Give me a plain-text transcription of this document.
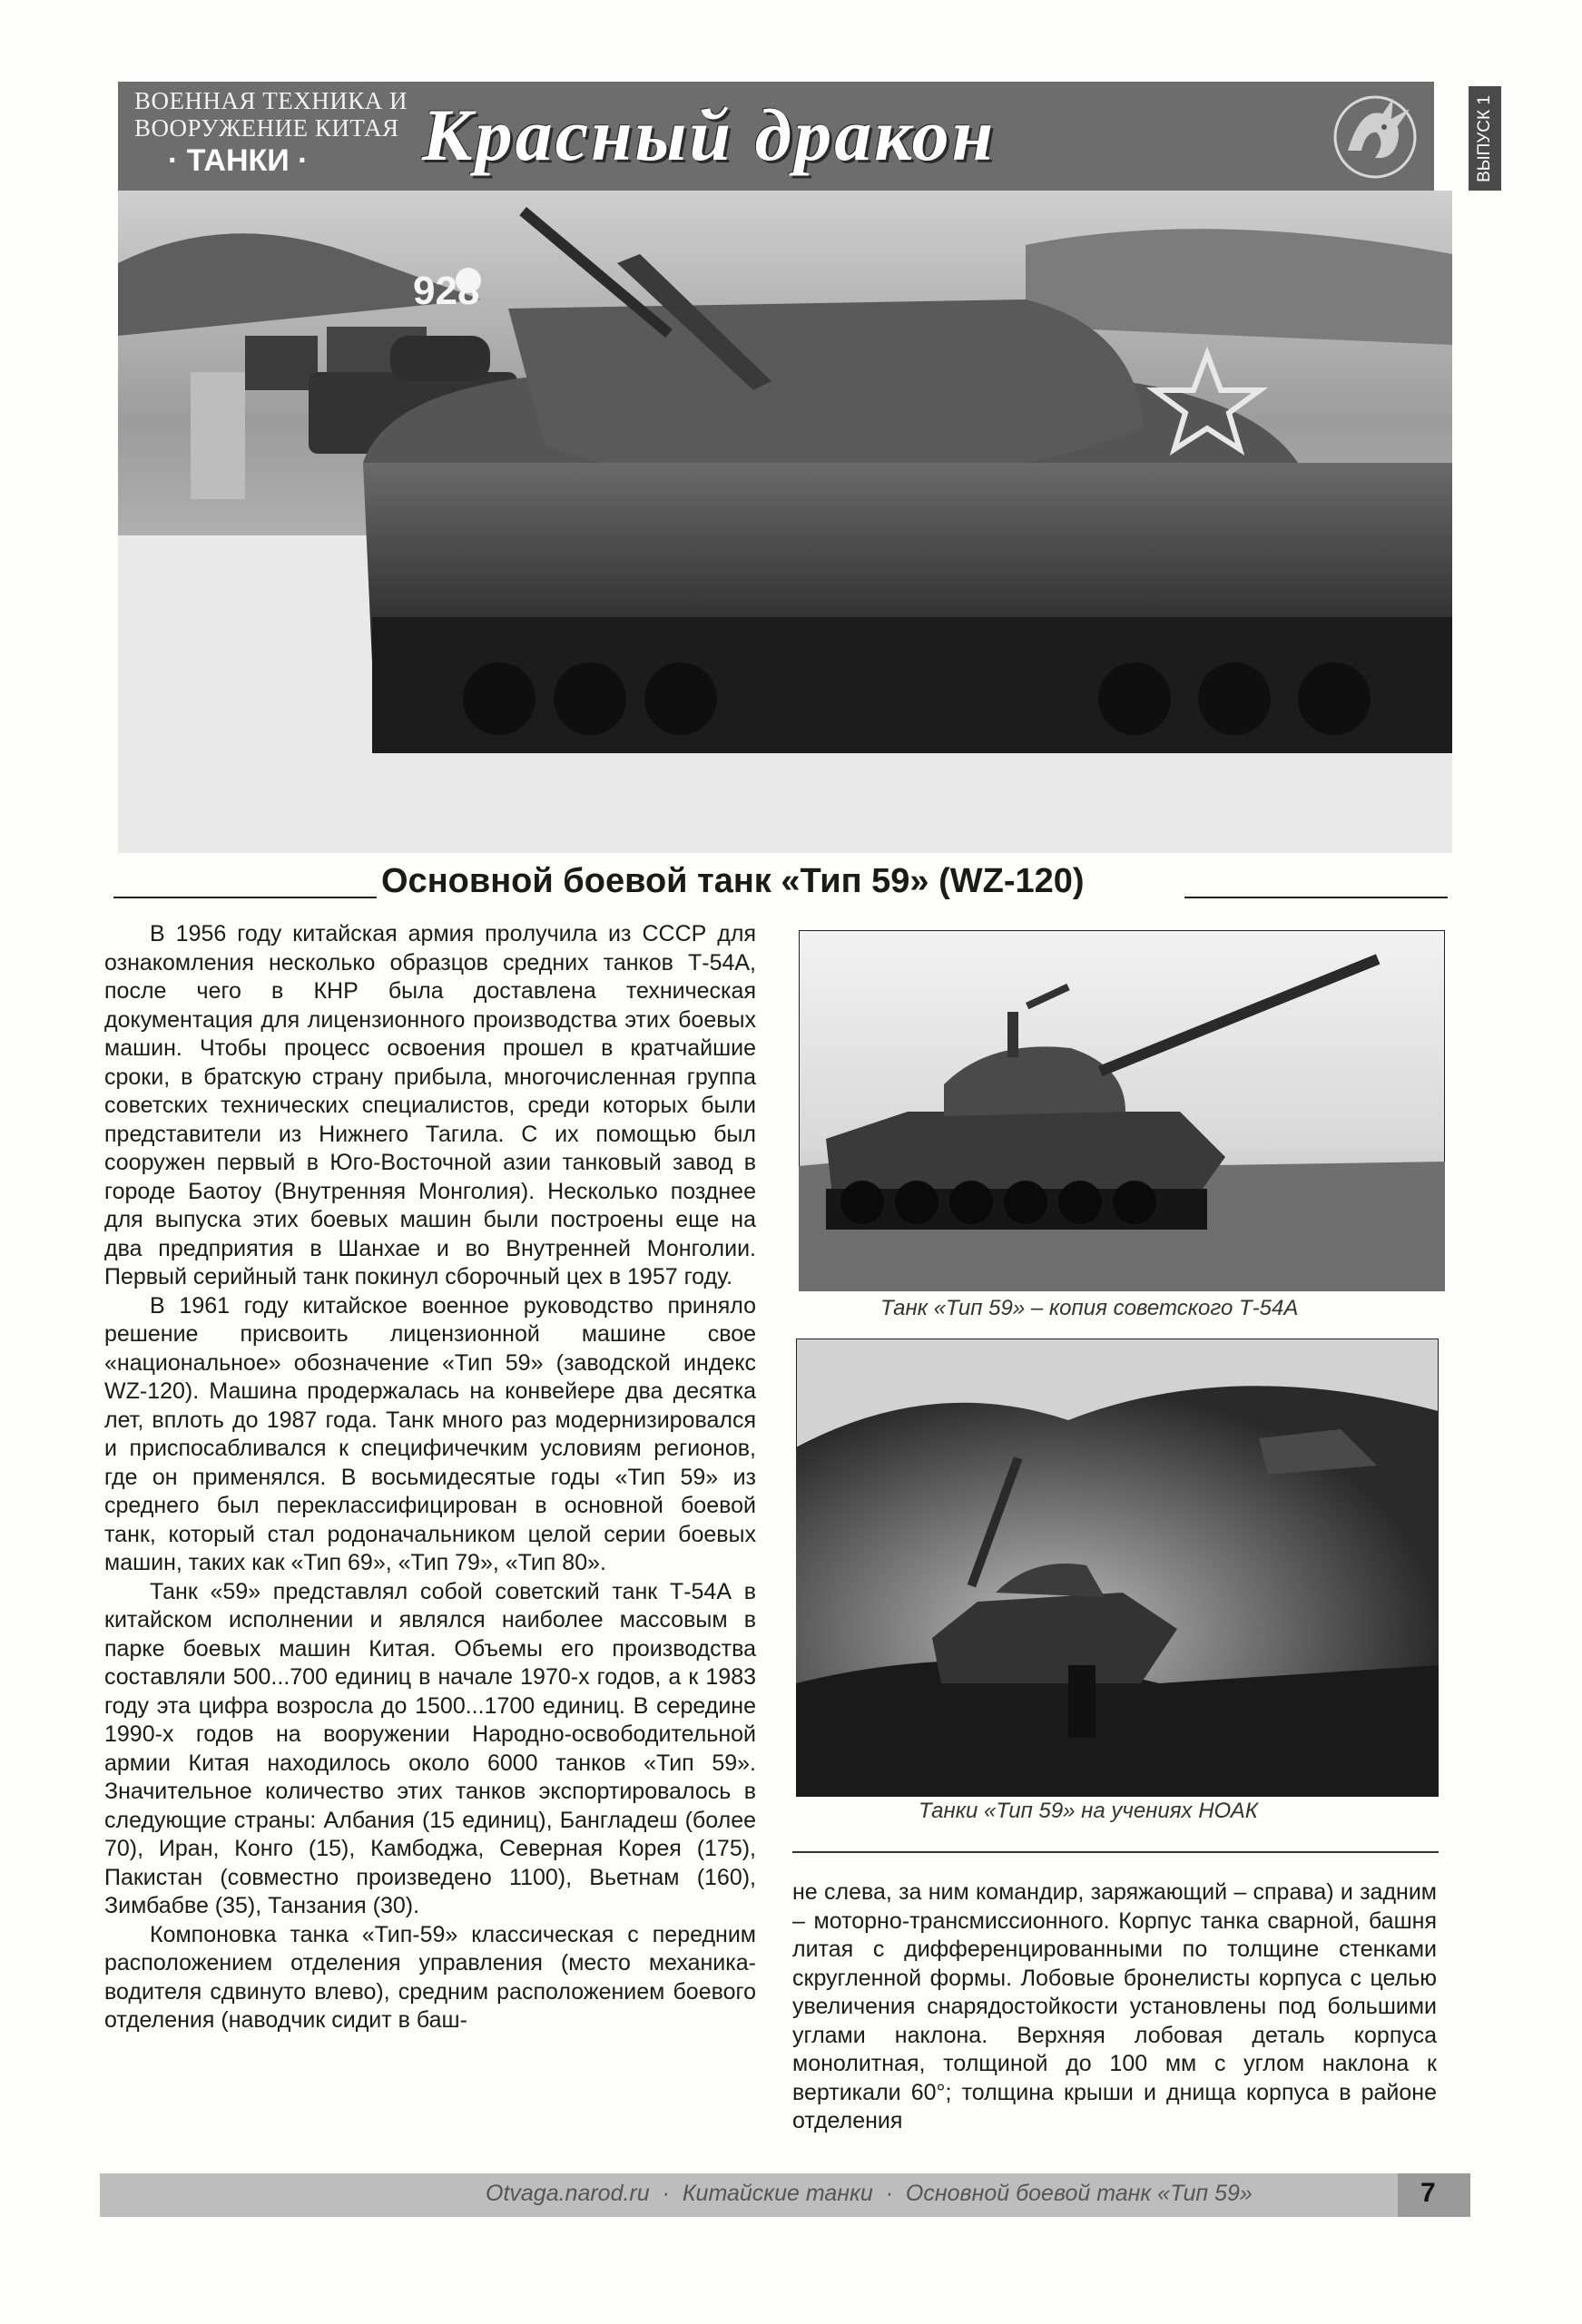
ВОЕННАЯ ТЕХНИКА И
ВООРУЖЕНИЕ КИТАЯ
· ТАНКИ · Красный дракон	ВЫПУСК 1
928
Основной боевой танк «Тип 59» (WZ-120)

В 1956 году китайская армия прoлучила из СССР для ознакомления несколько образцов средних танков Т-54А, после чего в КНР была доставлена техническая документация для лицензионного производства этих боевых машин. Чтобы процесс освоения прошел в кратчайшие сроки, в братскую страну прибыла, многочисленная группа советских технических специалистов, среди которых были представители из Нижнего Тагила. С их помощью был сооружен первый в Юго-Восточной азии танковый завод в городе Баотоу (Внутренняя Монголия). Несколько позднее для выпуска этих боевых машин были построены еще на два предприятия в Шанхае и во Внутренней Монголии. Первый серийный танк покинул сборочный цех в 1957 году.

В 1961 году китайское военное руководство приняло решение присвоить лицензионной машине свое «национальное» обозначение «Тип 59» (заводской индекс WZ-120). Машина продержалась на конвейере два десятка лет, вплоть до 1987 года. Танк много раз модернизировался и приспосабливался к специфичечким условиям регионов, где он применялся. В восьмидесятые годы «Тип 59» из среднего был переклассифицирован в основной боевой танк, который стал родоначальником целой серии боевых машин, таких как «Тип 69», «Тип 79», «Тип 80».

Танк «59» представлял собой советский танк Т-54А в китайском исполнении и являлся наиболее массовым в парке боевых машин Китая. Объемы его производства составляли 500...700 единиц в начале 1970-х годов, а к 1983 году эта цифра возросла до 1500...1700 единиц. В середине 1990-х годов на вооружении Народно-освободительной армии Китая находилось около 6000 танков «Тип 59». Значительное количество этих танков экспортировалось в следующие страны: Албания (15 единиц), Бангладеш (более 70), Иран, Конго (15), Камбоджа, Северная Корея (175), Пакистан (совместно произведено 1100), Вьетнам (160), Зимбабве (35), Танзания (30).

Компоновка танка «Тип-59» классическая с передним расположением отделения управления (место механика-водителя сдвинуто влево), средним расположением боевого отделения (наводчик сидит в баш-

Танк «Тип 59» – копия советского Т-54А
Танки «Тип 59» на учениях НОАК

не слева, за ним командир, заряжающий – справа) и задним – моторно-трансмиссионного. Корпус танка сварной, башня литая с дифференцированными по толщине стенками скругленной формы. Лобовые бронелисты корпуса с целью увеличения снарядостойкости установлены под большими углами наклона. Верхняя лобовая деталь корпуса монолитная, толщиной до 100 мм с углом наклона к вертикали 60°; толщина крыши и днища корпуса в районе отделения

Otvaga.narod.ru · Китайские танки · Основной боевой танк «Тип 59»	7
